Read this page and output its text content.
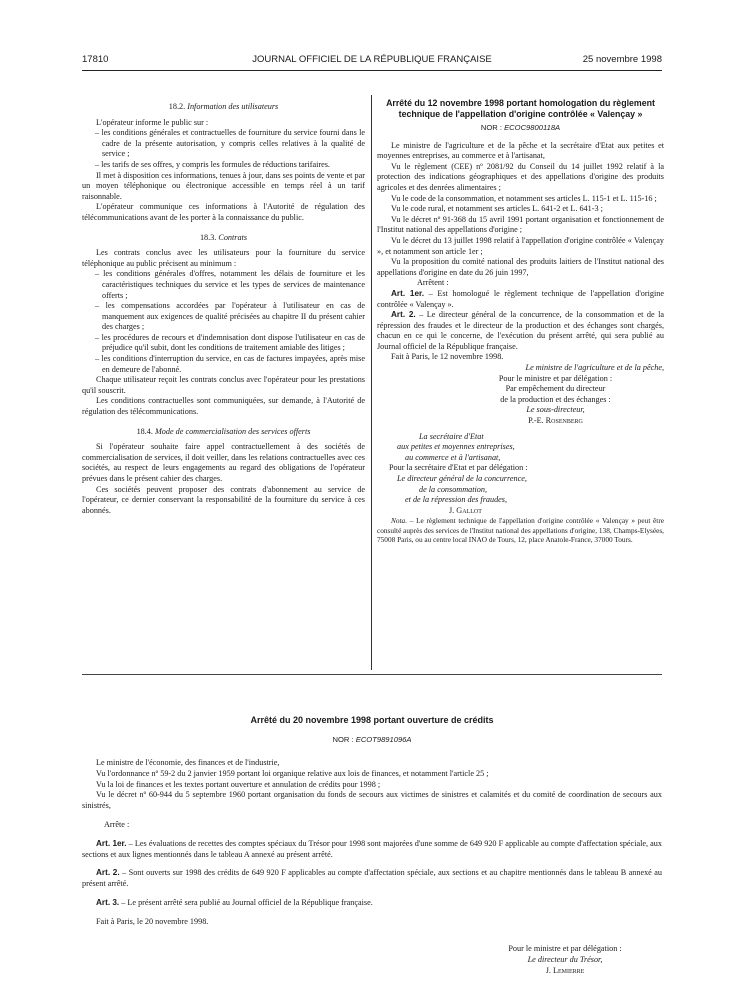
17810	JOURNAL OFFICIEL DE LA RÉPUBLIQUE FRANÇAISE	25 novembre 1998
18.2. Information des utilisateurs

L'opérateur informe le public sur :

– les conditions générales et contractuelles de fourniture du service fourni dans le cadre de la présente autorisation, y compris celles relatives à la qualité de service ;

– les tarifs de ses offres, y compris les formules de réductions tarifaires.

Il met à disposition ces informations, tenues à jour, dans ses points de vente et par un moyen téléphonique ou électronique accessible en temps réel à un tarif raisonnable.

L'opérateur communique ces informations à l'Autorité de régulation des télécommunications avant de les porter à la connaissance du public.

18.3. Contrats

Les contrats conclus avec les utilisateurs pour la fourniture du service téléphonique au public précisent au minimum :

– les conditions générales d'offres, notamment les délais de fourniture et les caractéristiques techniques du service et les types de services de maintenance offerts ;

– les compensations accordées par l'opérateur à l'utilisateur en cas de manquement aux exigences de qualité précisées au chapitre II du présent cahier des charges ;

– les procédures de recours et d'indemnisation dont dispose l'utilisateur en cas de préjudice qu'il subit, dont les conditions de traitement amiable des litiges ;

– les conditions d'interruption du service, en cas de factures impayées, après mise en demeure de l'abonné.

Chaque utilisateur reçoit les contrats conclus avec l'opérateur pour les prestations qu'il souscrit.

Les conditions contractuelles sont communiquées, sur demande, à l'Autorité de régulation des télécommunications.

18.4. Mode de commercialisation des services offerts

Si l'opérateur souhaite faire appel contractuellement à des sociétés de commercialisation de services, il doit veiller, dans les relations contractuelles avec ces sociétés, au respect de leurs engagements au regard des obligations de l'opérateur prévues dans le présent cahier des charges.

Ces sociétés peuvent proposer des contrats d'abonnement au service de l'opérateur, ce dernier conservant la responsabilité de la fourniture du service à ces abonnés.

Arrêté du 12 novembre 1998 portant homologation du règlement technique de l'appellation d'origine contrôlée « Valençay »
NOR : ECOC9800118A

Le ministre de l'agriculture et de la pêche et la secrétaire d'Etat aux petites et moyennes entreprises, au commerce et à l'artisanat,

Vu le règlement (CEE) nº 2081/92 du Conseil du 14 juillet 1992 relatif à la protection des indications géographiques et des appellations d'origine des produits agricoles et des denrées alimentaires ;

Vu le code de la consommation, et notamment ses articles L. 115-1 et L. 115-16 ;

Vu le code rural, et notamment ses articles L. 641-2 et L. 641-3 ;

Vu le décret nº 91-368 du 15 avril 1991 portant organisation et fonctionnement de l'Institut national des appellations d'origine ;

Vu le décret du 13 juillet 1998 relatif à l'appellation d'origine contrôlée « Valençay », et notamment son article 1er ;

Vu la proposition du comité national des produits laitiers de l'Institut national des appellations d'origine en date du 26 juin 1997,

Arrêtent :

Art. 1er. – Est homologué le règlement technique de l'appellation d'origine contrôlée « Valençay ».

Art. 2. – Le directeur général de la concurrence, de la consommation et de la répression des fraudes et le directeur de la production et des échanges sont chargés, chacun en ce qui le concerne, de l'exécution du présent arrêté, qui sera publié au Journal officiel de la République française.

Fait à Paris, le 12 novembre 1998.

Le ministre de l'agriculture et de la pêche,

Pour le ministre et par délégation :

Par empêchement du directeur

de la production et des échanges :

Le sous-directeur,

P.-E. Rosenberg

La secrétaire d'Etat

aux petites et moyennes entreprises,

au commerce et à l'artisanat,

Pour la secrétaire d'Etat et par délégation :

Le directeur général de la concurrence,

de la consommation,

et de la répression des fraudes,

J. Gallot

Nota. – Le règlement technique de l'appellation d'origine contrôlée « Valençay » peut être consulté auprès des services de l'Institut national des appellations d'origine, 138, Champs-Elysées, 75008 Paris, ou au centre local INAO de Tours, 12, place Anatole-France, 37000 Tours.

Arrêté du 20 novembre 1998 portant ouverture de crédits
NOR : ECOT9891096A

Le ministre de l'économie, des finances et de l'industrie,

Vu l'ordonnance nº 59-2 du 2 janvier 1959 portant loi organique relative aux lois de finances, et notamment l'article 25 ;

Vu la loi de finances et les textes portant ouverture et annulation de crédits pour 1998 ;

Vu le décret nº 60-944 du 5 septembre 1960 portant organisation du fonds de secours aux victimes de sinistres et calamités et du comité de coordination de secours aux sinistrés,

Arrête :

Art. 1er. – Les évaluations de recettes des comptes spéciaux du Trésor pour 1998 sont majorées d'une somme de 649 920 F applicable au compte d'affectation spéciale, aux sections et aux lignes mentionnés dans le tableau A annexé au présent arrêté.

Art. 2. – Sont ouverts sur 1998 des crédits de 649 920 F applicables au compte d'affectation spéciale, aux sections et au chapitre mentionnés dans le tableau B annexé au présent arrêté.

Art. 3. – Le présent arrêté sera publié au Journal officiel de la République française.

Fait à Paris, le 20 novembre 1998.

Pour le ministre et par délégation :

Le directeur du Trésor,

J. Lemierre
